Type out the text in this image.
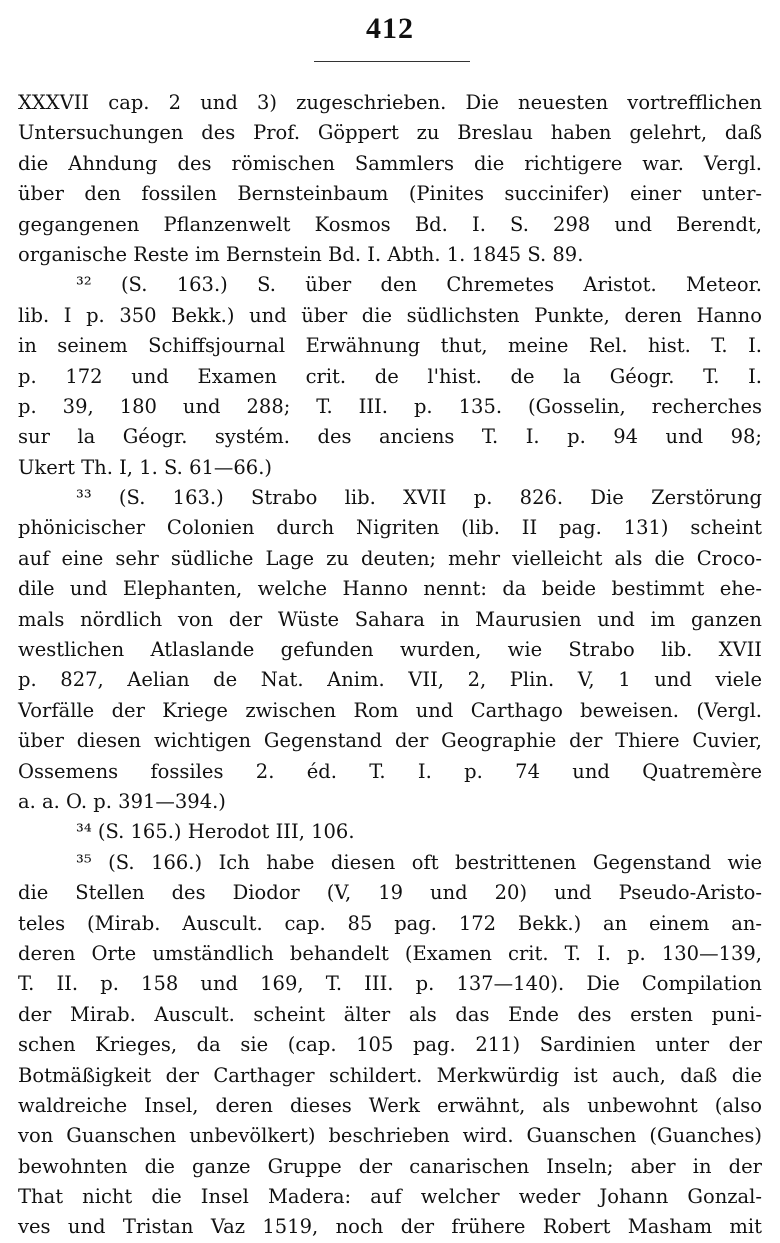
412
XXXVII cap. 2 und 3) zugeschrieben. Die neuesten vortrefflichen
Untersuchungen des Prof. Göppert zu Breslau haben gelehrt, daß
die Ahndung des römischen Sammlers die richtigere war. Vergl.
über den fossilen Bernsteinbaum (Pinites succinifer) einer unter-
gegangenen Pflanzenwelt Kosmos Bd. I. S. 298 und Berendt,
organische Reste im Bernstein Bd. I. Abth. 1. 1845 S. 89.
³² (S. 163.) S. über den Chremetes Aristot. Meteor.
lib. I p. 350 Bekk.) und über die südlichsten Punkte, deren Hanno
in seinem Schiffsjournal Erwähnung thut, meine Rel. hist. T. I.
p. 172 und Examen crit. de l'hist. de la Géogr. T. I.
p. 39, 180 und 288; T. III. p. 135. (Gosselin, recherches
sur la Géogr. systém. des anciens T. I. p. 94 und 98;
Ukert Th. I, 1. S. 61—66.)
³³ (S. 163.) Strabo lib. XVII p. 826. Die Zerstörung
phönicischer Colonien durch Nigriten (lib. II pag. 131) scheint
auf eine sehr südliche Lage zu deuten; mehr vielleicht als die Croco-
dile und Elephanten, welche Hanno nennt: da beide bestimmt ehe-
mals nördlich von der Wüste Sahara in Maurusien und im ganzen
westlichen Atlaslande gefunden wurden, wie Strabo lib. XVII
p. 827, Aelian de Nat. Anim. VII, 2, Plin. V, 1 und viele
Vorfälle der Kriege zwischen Rom und Carthago beweisen. (Vergl.
über diesen wichtigen Gegenstand der Geographie der Thiere Cuvier,
Ossemens fossiles 2. éd. T. I. p. 74 und Quatremère
a. a. O. p. 391—394.)
³⁴ (S. 165.) Herodot III, 106.
³⁵ (S. 166.) Ich habe diesen oft bestrittenen Gegenstand wie
die Stellen des Diodor (V, 19 und 20) und Pseudo-Aristo-
teles (Mirab. Auscult. cap. 85 pag. 172 Bekk.) an einem an-
deren Orte umständlich behandelt (Examen crit. T. I. p. 130—139,
T. II. p. 158 und 169, T. III. p. 137—140). Die Compilation
der Mirab. Auscult. scheint älter als das Ende des ersten puni-
schen Krieges, da sie (cap. 105 pag. 211) Sardinien unter der
Botmäßigkeit der Carthager schildert. Merkwürdig ist auch, daß die
waldreiche Insel, deren dieses Werk erwähnt, als unbewohnt (also
von Guanschen unbevölkert) beschrieben wird. Guanschen (Guanches)
bewohnten die ganze Gruppe der canarischen Inseln; aber in der
That nicht die Insel Madera: auf welcher weder Johann Gonzal-
ves und Tristan Vaz 1519, noch der frühere Robert Masham mit
